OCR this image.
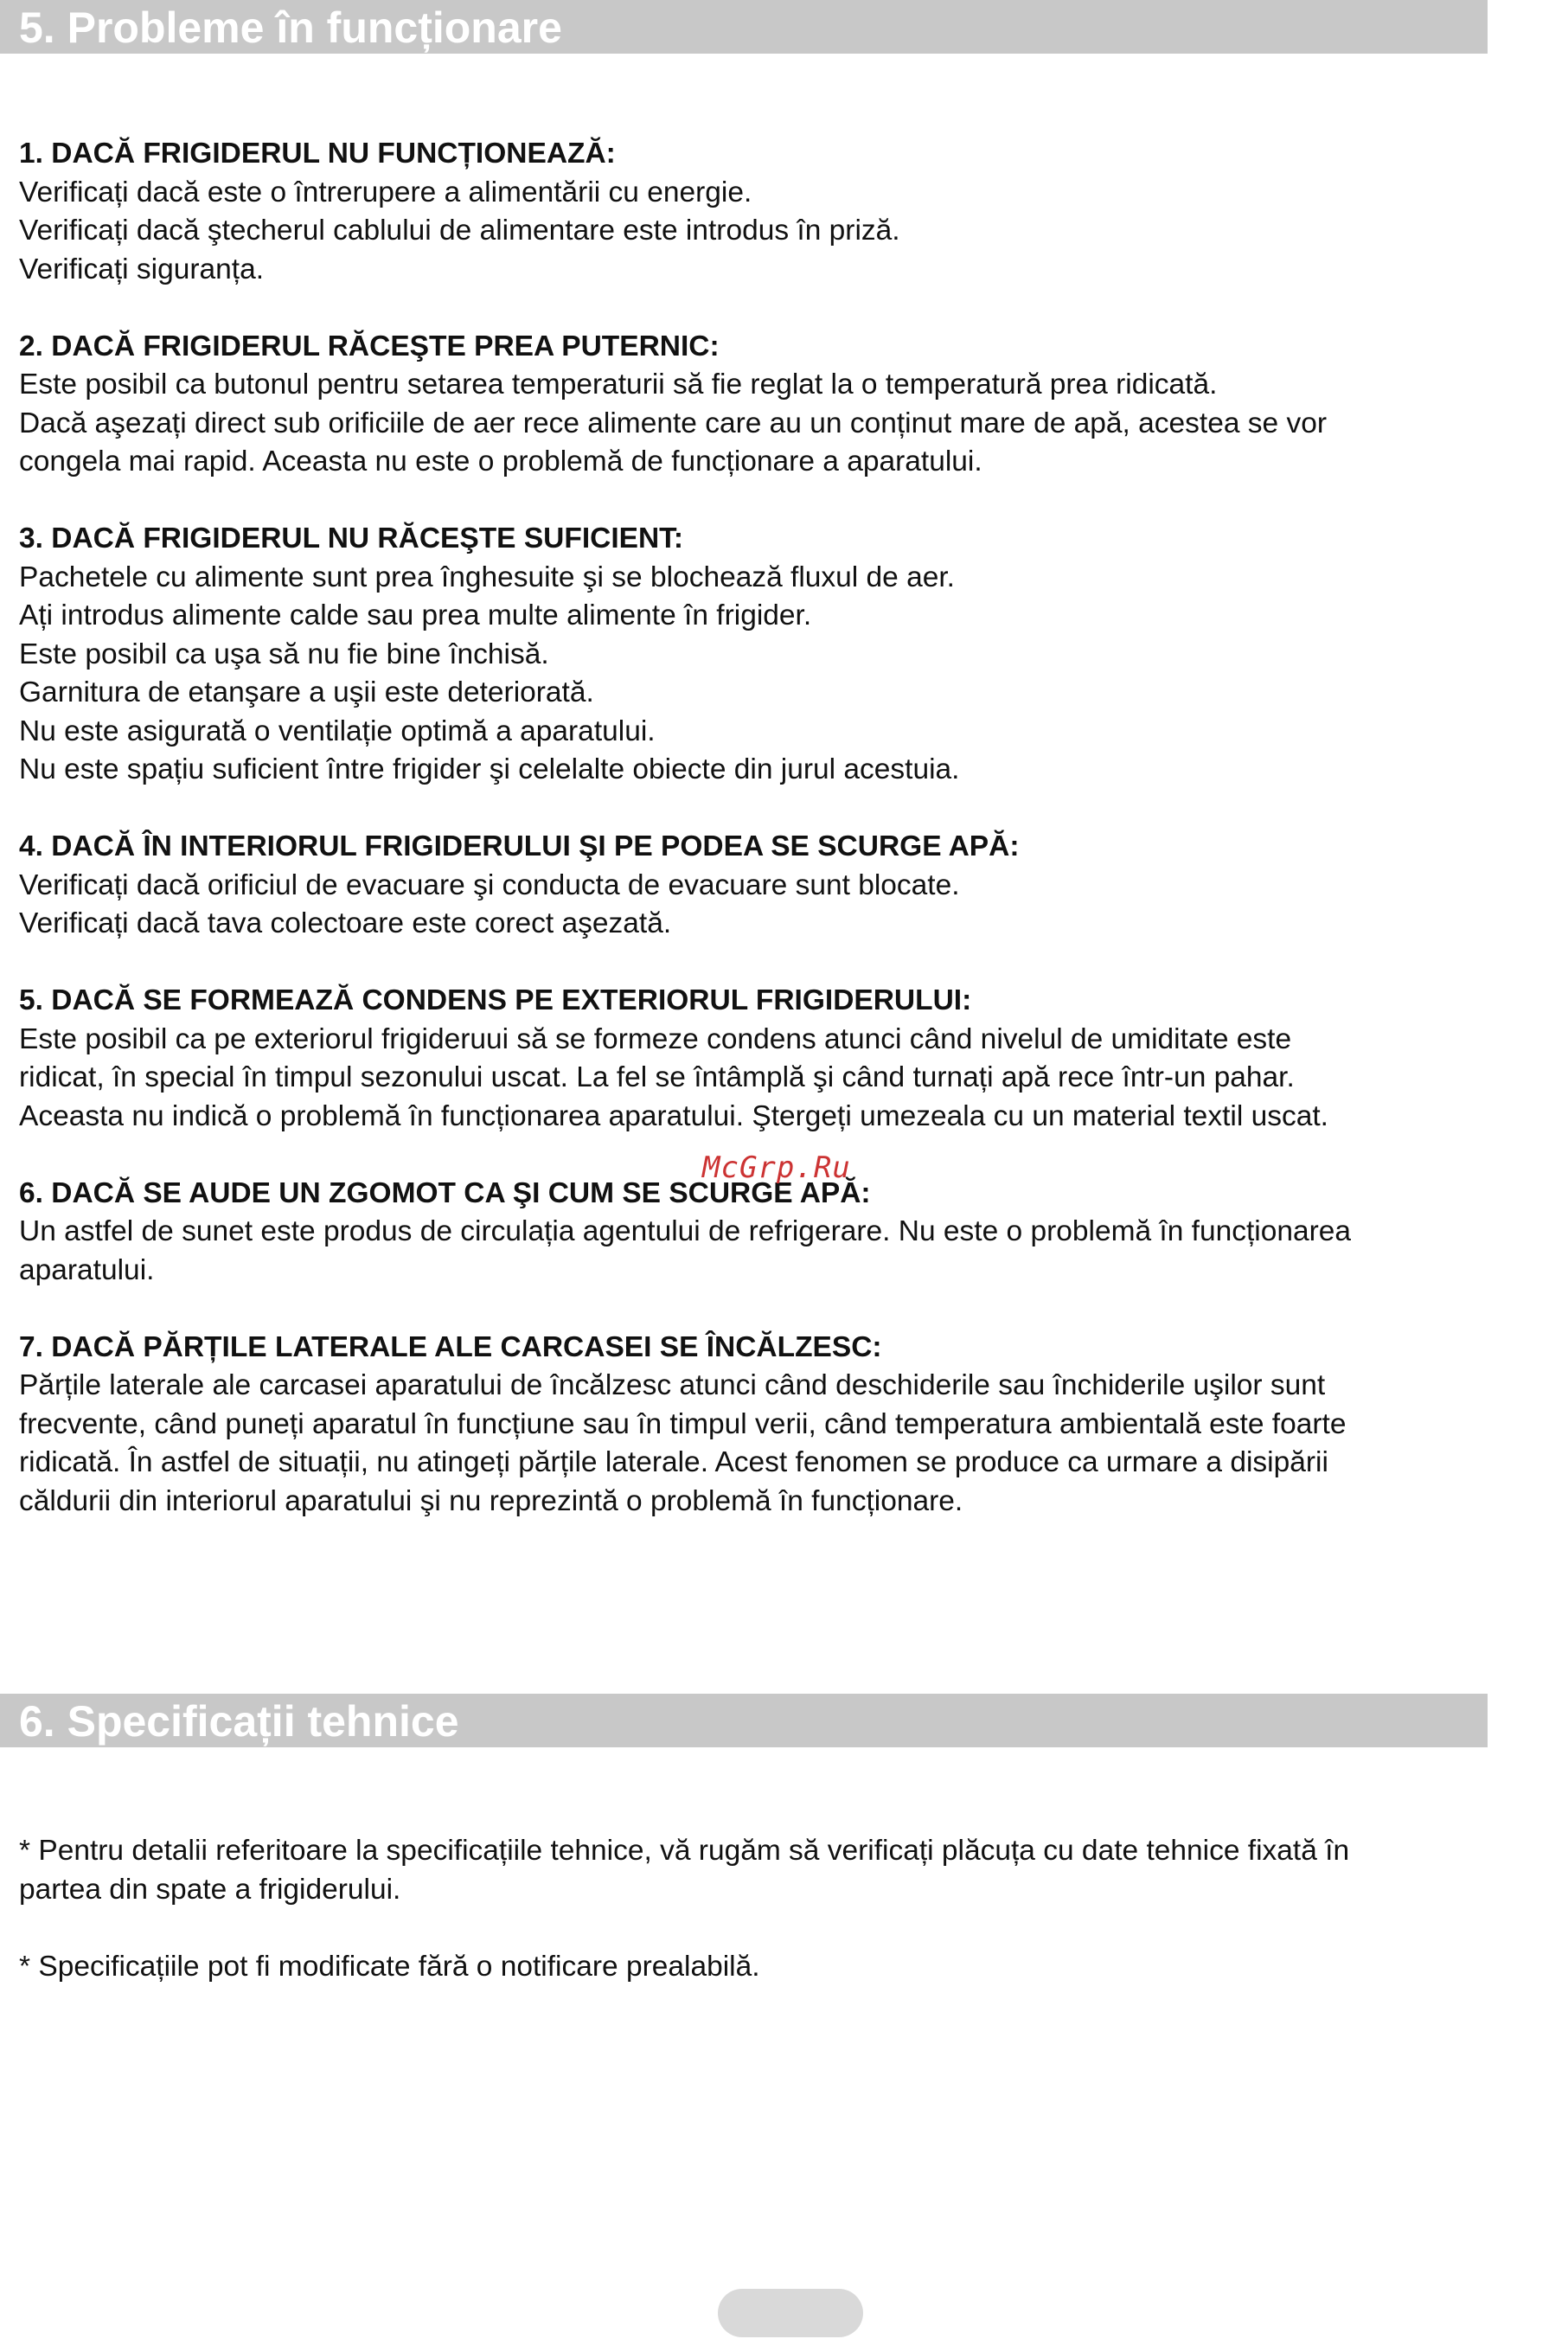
5. Probleme în funcționare
1. DACĂ FRIGIDERUL NU FUNCȚIONEAZĂ:
Verificați dacă este o întrerupere a alimentării cu energie.
Verificați dacă ştecherul cablului de alimentare este introdus în priză.
Verificați siguranța.
2. DACĂ FRIGIDERUL RĂCEŞTE PREA PUTERNIC:
Este posibil ca butonul pentru setarea temperaturii să fie reglat la o temperatură prea ridicată.
Dacă aşezați direct sub orificiile de aer rece alimente care au un conținut mare de apă, acestea se vor
congela mai rapid. Aceasta nu este o problemă de funcționare a aparatului.
3. DACĂ FRIGIDERUL NU RĂCEŞTE SUFICIENT:
Pachetele cu alimente sunt prea înghesuite şi se blochează fluxul de aer.
Ați introdus alimente calde sau prea multe alimente în frigider.
Este posibil ca uşa să nu fie bine închisă.
Garnitura de etanşare a uşii este deteriorată.
Nu este asigurată o ventilație optimă a aparatului.
Nu este spațiu suficient între frigider şi celelalte obiecte din jurul acestuia.
4. DACĂ ÎN INTERIORUL FRIGIDERULUI ŞI PE PODEA SE SCURGE APĂ:
Verificați dacă orificiul de evacuare şi conducta de evacuare sunt blocate.
Verificați dacă tava colectoare este corect aşezată.
5. DACĂ SE FORMEAZĂ CONDENS PE EXTERIORUL FRIGIDERULUI:
Este posibil ca pe exteriorul frigideruui să se formeze condens atunci când nivelul de umiditate este
ridicat, în special în timpul sezonului uscat. La fel se întâmplă şi când turnați apă rece într-un pahar.
Aceasta nu indică o problemă în funcționarea aparatului. Ştergeți umezeala cu un material textil uscat.
6. DACĂ SE AUDE UN ZGOMOT CA ŞI CUM SE SCURGE APĂ:
Un astfel de sunet este produs de circulația agentului de refrigerare. Nu este o problemă în funcționarea
aparatului.
7. DACĂ PĂRȚILE LATERALE ALE CARCASEI SE ÎNCĂLZESC:
Părțile laterale ale carcasei aparatului de încălzesc atunci când deschiderile sau închiderile uşilor sunt
frecvente, când puneți aparatul în funcțiune sau în timpul verii, când temperatura ambientală este foarte
ridicată. În astfel de situații, nu atingeți părțile laterale. Acest fenomen se produce ca urmare a disipării
căldurii din interiorul aparatului şi nu reprezintă o problemă în funcționare.
McGrp.Ru
6. Specificații tehnice

* Pentru detalii referitoare la specificațiile tehnice, vă rugăm să verificați plăcuța cu date tehnice fixată în
partea din spate a frigiderului.

* Specificațiile pot fi modificate fără o notificare prealabilă.
